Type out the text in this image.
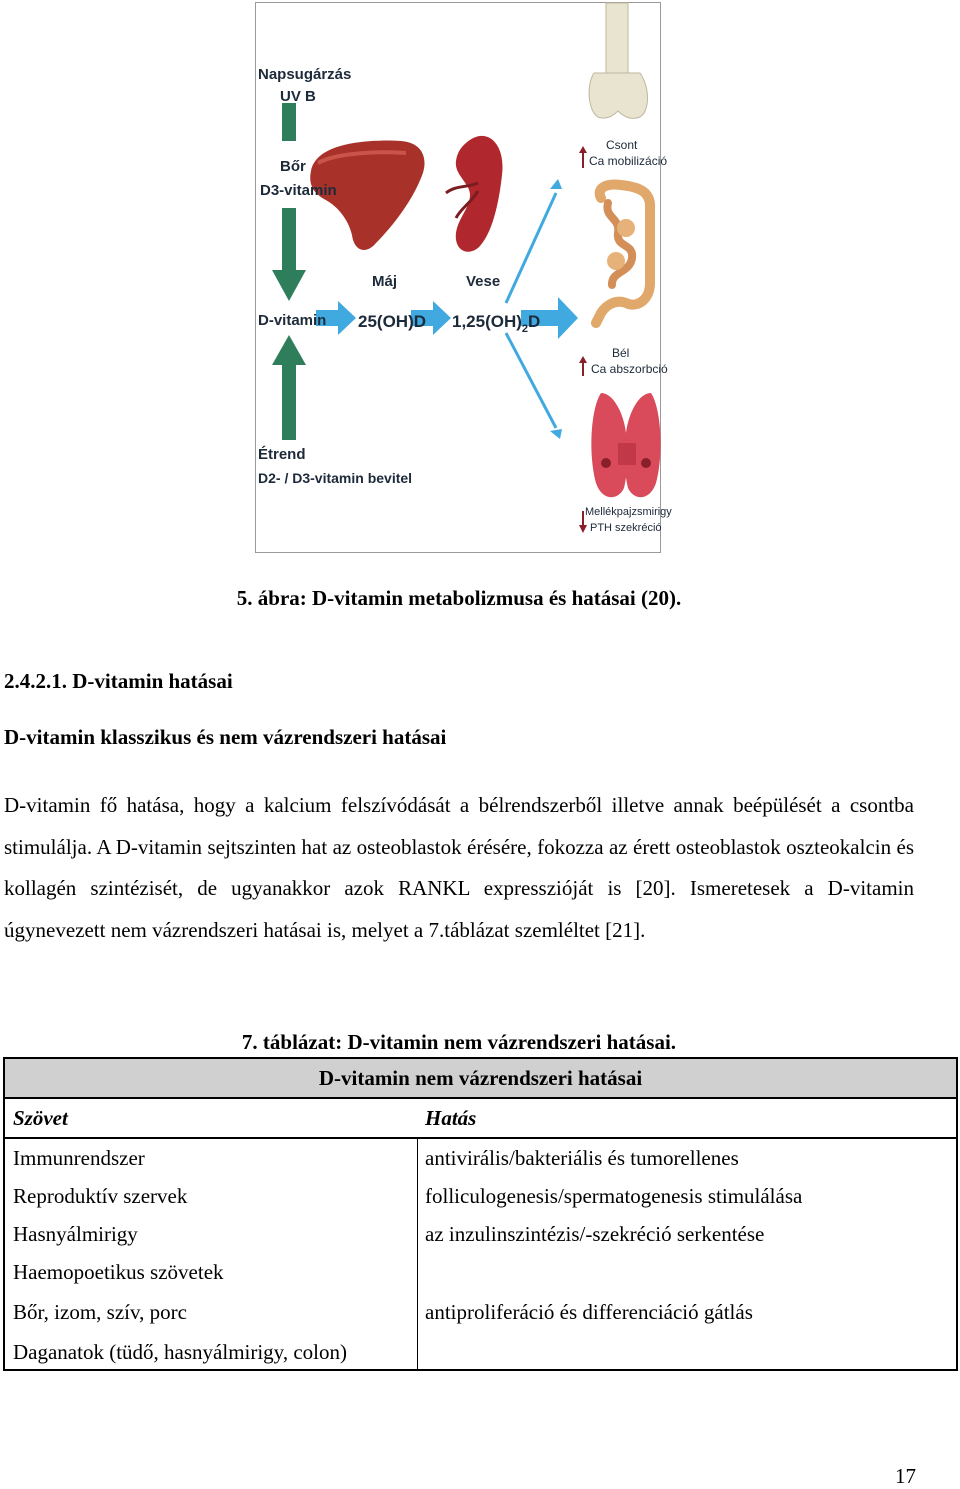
Napsugárzás
UV B
Bőr
D3-vitamin
D-vitamin
Étrend
D2- / D3-vitamin bevitel
Máj	Vese
25(OH)D $1,25(OH)_2D$
Csont
Ca mobilizáció
Bél
Ca abszorbció
Mellékpajzsmirigy
PTH szekréció
5. ábra: D-vitamin metabolizmusa és hatásai (20).
2.4.2.1. D-vitamin hatásai
D-vitamin klasszikus és nem vázrendszeri hatásai

D-vitamin fő hatása, hogy a kalcium felszívódását a bélrendszerből illetve annak beépülését a csontba stimulálja. A D-vitamin sejtszinten hat az osteoblastok érésére, fokozza az érett osteoblastok oszteokalcin és kollagén szintézisét, de ugyanakkor azok RANKL expresszióját is [20]. Ismeretesek a D-vitamin úgynevezett nem vázrendszeri hatásai is, melyet a 7.táblázat szemléltet [21].

7. táblázat: D-vitamin nem vázrendszeri hatásai.
D-vitamin nem vázrendszeri hatásai
Szövet	Hatás
Immunrendszer	antivirális/bakteriális és tumorellenes
Reproduktív szervek	folliculogenesis/spermatogenesis stimulálása
Hasnyálmirigy	az inzulinszintézis/-szekréció serkentése
Haemopoetikus szövetek
Bőr, izom, szív, porc	antiproliferáció és differenciáció gátlás
Daganatok (tüdő, hasnyálmirigy, colon)
17
